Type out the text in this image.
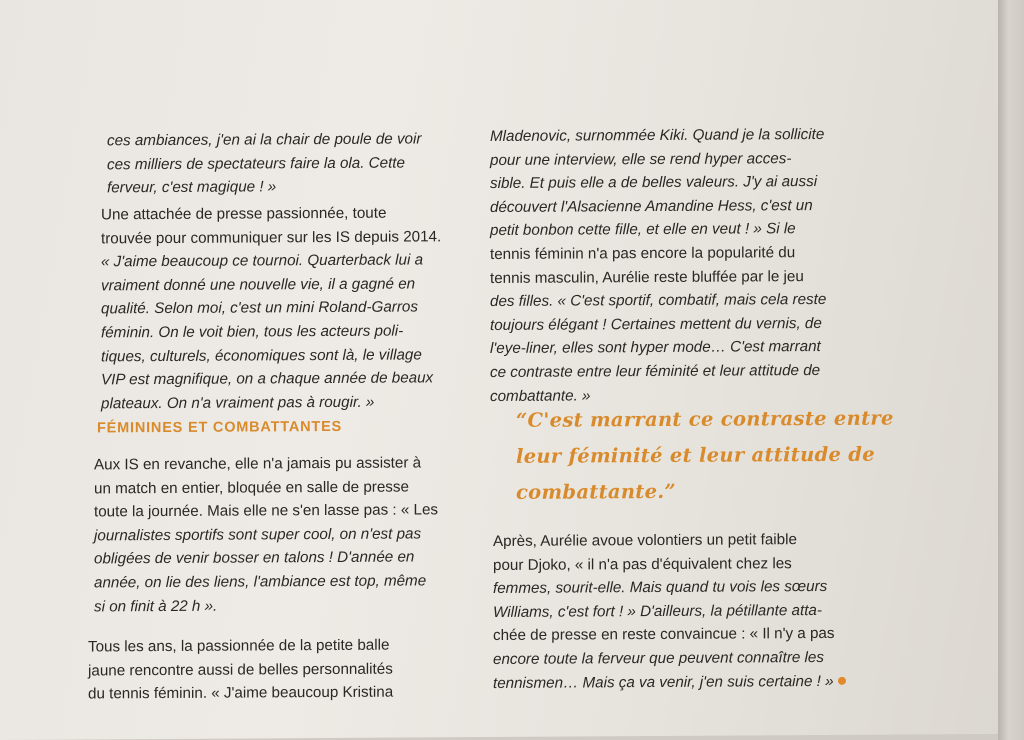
ces ambiances, j'en ai la chair de poule de voir
ces milliers de spectateurs faire la ola. Cette
ferveur, c'est magique ! »

Une attachée de presse passionnée, toute
trouvée pour communiquer sur les IS depuis 2014.
« J'aime beaucoup ce tournoi. Quarterback lui a
vraiment donné une nouvelle vie, il a gagné en
qualité. Selon moi, c'est un mini Roland-Garros
féminin. On le voit bien, tous les acteurs poli-
tiques, culturels, économiques sont là, le village
VIP est magnifique, on a chaque année de beaux
plateaux. On n'a vraiment pas à rougir. »

FÉMININES ET COMBATTANTES

Aux IS en revanche, elle n'a jamais pu assister à
un match en entier, bloquée en salle de presse
toute la journée. Mais elle ne s'en lasse pas : « Les
journalistes sportifs sont super cool, on n'est pas
obligées de venir bosser en talons ! D'année en
année, on lie des liens, l'ambiance est top, même
si on finit à 22 h ».

Tous les ans, la passionnée de la petite balle
jaune rencontre aussi de belles personnalités
du tennis féminin. « J'aime beaucoup Kristina

Mladenovic, surnommée Kiki. Quand je la sollicite
pour une interview, elle se rend hyper acces-
sible. Et puis elle a de belles valeurs. J'y ai aussi
découvert l'Alsacienne Amandine Hess, c'est un
petit bonbon cette fille, et elle en veut ! » Si le
tennis féminin n'a pas encore la popularité du
tennis masculin, Aurélie reste bluffée par le jeu
des filles. « C'est sportif, combatif, mais cela reste
toujours élégant ! Certaines mettent du vernis, de
l'eye-liner, elles sont hyper mode… C'est marrant
ce contraste entre leur féminité et leur attitude de
combattante. »

“C'est marrant ce contraste entre
leur féminité et leur attitude de
combattante.”

Après, Aurélie avoue volontiers un petit faible
pour Djoko, « il n'a pas d'équivalent chez les
femmes, sourit-elle. Mais quand tu vois les sœurs
Williams, c'est fort ! » D'ailleurs, la pétillante atta-
chée de presse en reste convaincue : « Il n'y a pas
encore toute la ferveur que peuvent connaître les
tennismen… Mais ça va venir, j'en suis certaine ! »
